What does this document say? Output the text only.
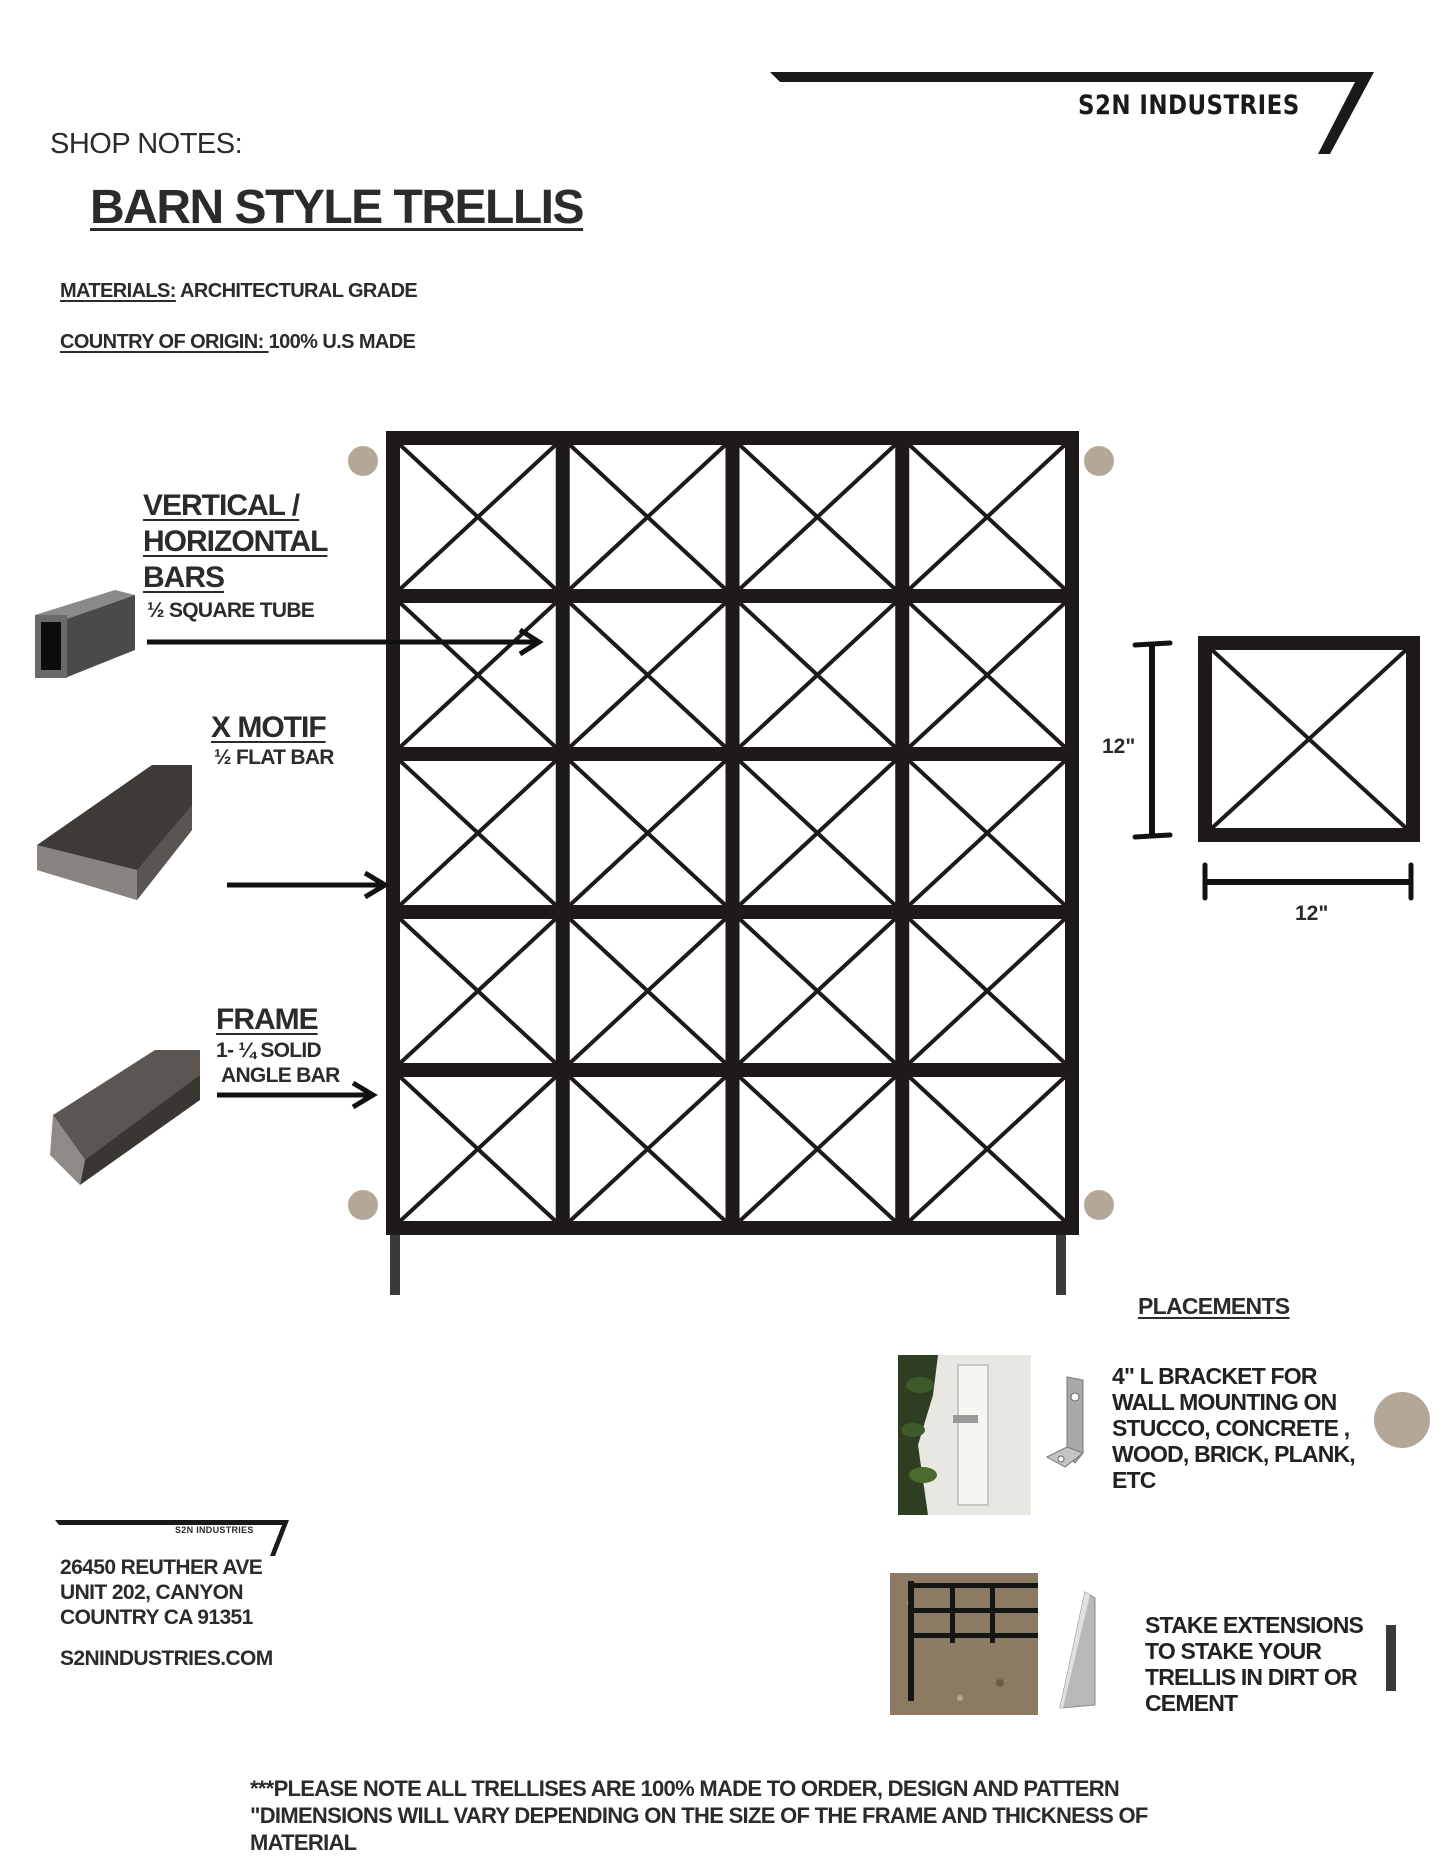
S2N INDUSTRIES
SHOP NOTES:
BARN STYLE TRELLIS
MATERIALS: ARCHITECTURAL GRADE
COUNTRY OF ORIGIN: 100% U.S MADE
VERTICAL /
HORIZONTAL
BARS
½ SQUARE TUBE
X MOTIF
½ FLAT BAR
FRAME
1- ¼ SOLID
ANGLE BAR
12"
12"
PLACEMENTS
4" L BRACKET FOR
WALL MOUNTING ON
STUCCO, CONCRETE ,
WOOD, BRICK, PLANK,
ETC
STAKE EXTENSIONS
TO STAKE YOUR
TRELLIS IN DIRT OR
CEMENT
S2N INDUSTRIES
26450 REUTHER AVE
UNIT 202, CANYON
COUNTRY CA 91351
S2NINDUSTRIES.COM
***PLEASE NOTE ALL TRELLISES ARE 100% MADE TO ORDER, DESIGN AND PATTERN
"DIMENSIONS WILL VARY DEPENDING ON THE SIZE OF THE FRAME AND THICKNESS OF
MATERIAL
